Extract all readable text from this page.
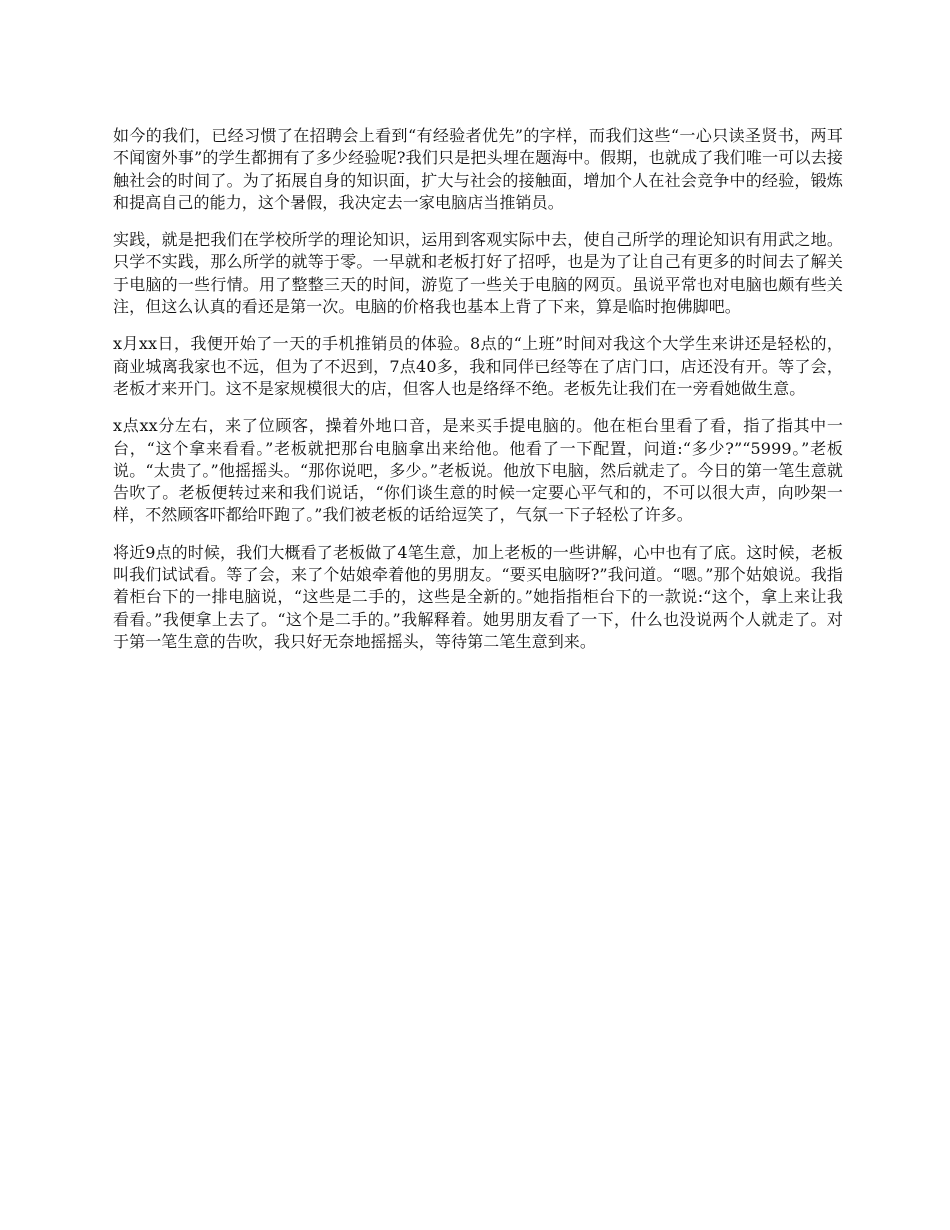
如今的我们，已经习惯了在招聘会上看到“有经验者优先”的字样，而我们这些“一心只读圣贤书，两耳不闻窗外事”的学生都拥有了多少经验呢?我们只是把头埋在题海中。假期，也就成了我们唯一可以去接触社会的时间了。为了拓展自身的知识面，扩大与社会的接触面，增加个人在社会竞争中的经验，锻炼和提高自己的能力，这个暑假，我决定去一家电脑店当推销员。

实践，就是把我们在学校所学的理论知识，运用到客观实际中去，使自己所学的理论知识有用武之地。只学不实践，那么所学的就等于零。一早就和老板打好了招呼，也是为了让自己有更多的时间去了解关于电脑的一些行情。用了整整三天的时间，游览了一些关于电脑的网页。虽说平常也对电脑也颇有些关注，但这么认真的看还是第一次。电脑的价格我也基本上背了下来，算是临时抱佛脚吧。

x月xx日，我便开始了一天的手机推销员的体验。8点的“上班”时间对我这个大学生来讲还是轻松的，商业城离我家也不远，但为了不迟到，7点40多，我和同伴已经等在了店门口，店还没有开。等了会，老板才来开门。这不是家规模很大的店，但客人也是络绎不绝。老板先让我们在一旁看她做生意。

x点xx分左右，来了位顾客，操着外地口音，是来买手提电脑的。他在柜台里看了看，指了指其中一台，“这个拿来看看。”老板就把那台电脑拿出来给他。他看了一下配置，问道:“多少?”“5999。”老板说。“太贵了。”他摇摇头。“那你说吧，多少。”老板说。他放下电脑，然后就走了。今日的第一笔生意就告吹了。老板便转过来和我们说话，“你们谈生意的时候一定要心平气和的，不可以很大声，向吵架一样，不然顾客吓都给吓跑了。”我们被老板的话给逗笑了，气氛一下子轻松了许多。

将近9点的时候，我们大概看了老板做了4笔生意，加上老板的一些讲解，心中也有了底。这时候，老板叫我们试试看。等了会，来了个姑娘牵着他的男朋友。“要买电脑呀?”我问道。“嗯。”那个姑娘说。我指着柜台下的一排电脑说，“这些是二手的，这些是全新的。”她指指柜台下的一款说:“这个，拿上来让我看看。”我便拿上去了。“这个是二手的。”我解释着。她男朋友看了一下，什么也没说两个人就走了。对于第一笔生意的告吹，我只好无奈地摇摇头，等待第二笔生意到来。
